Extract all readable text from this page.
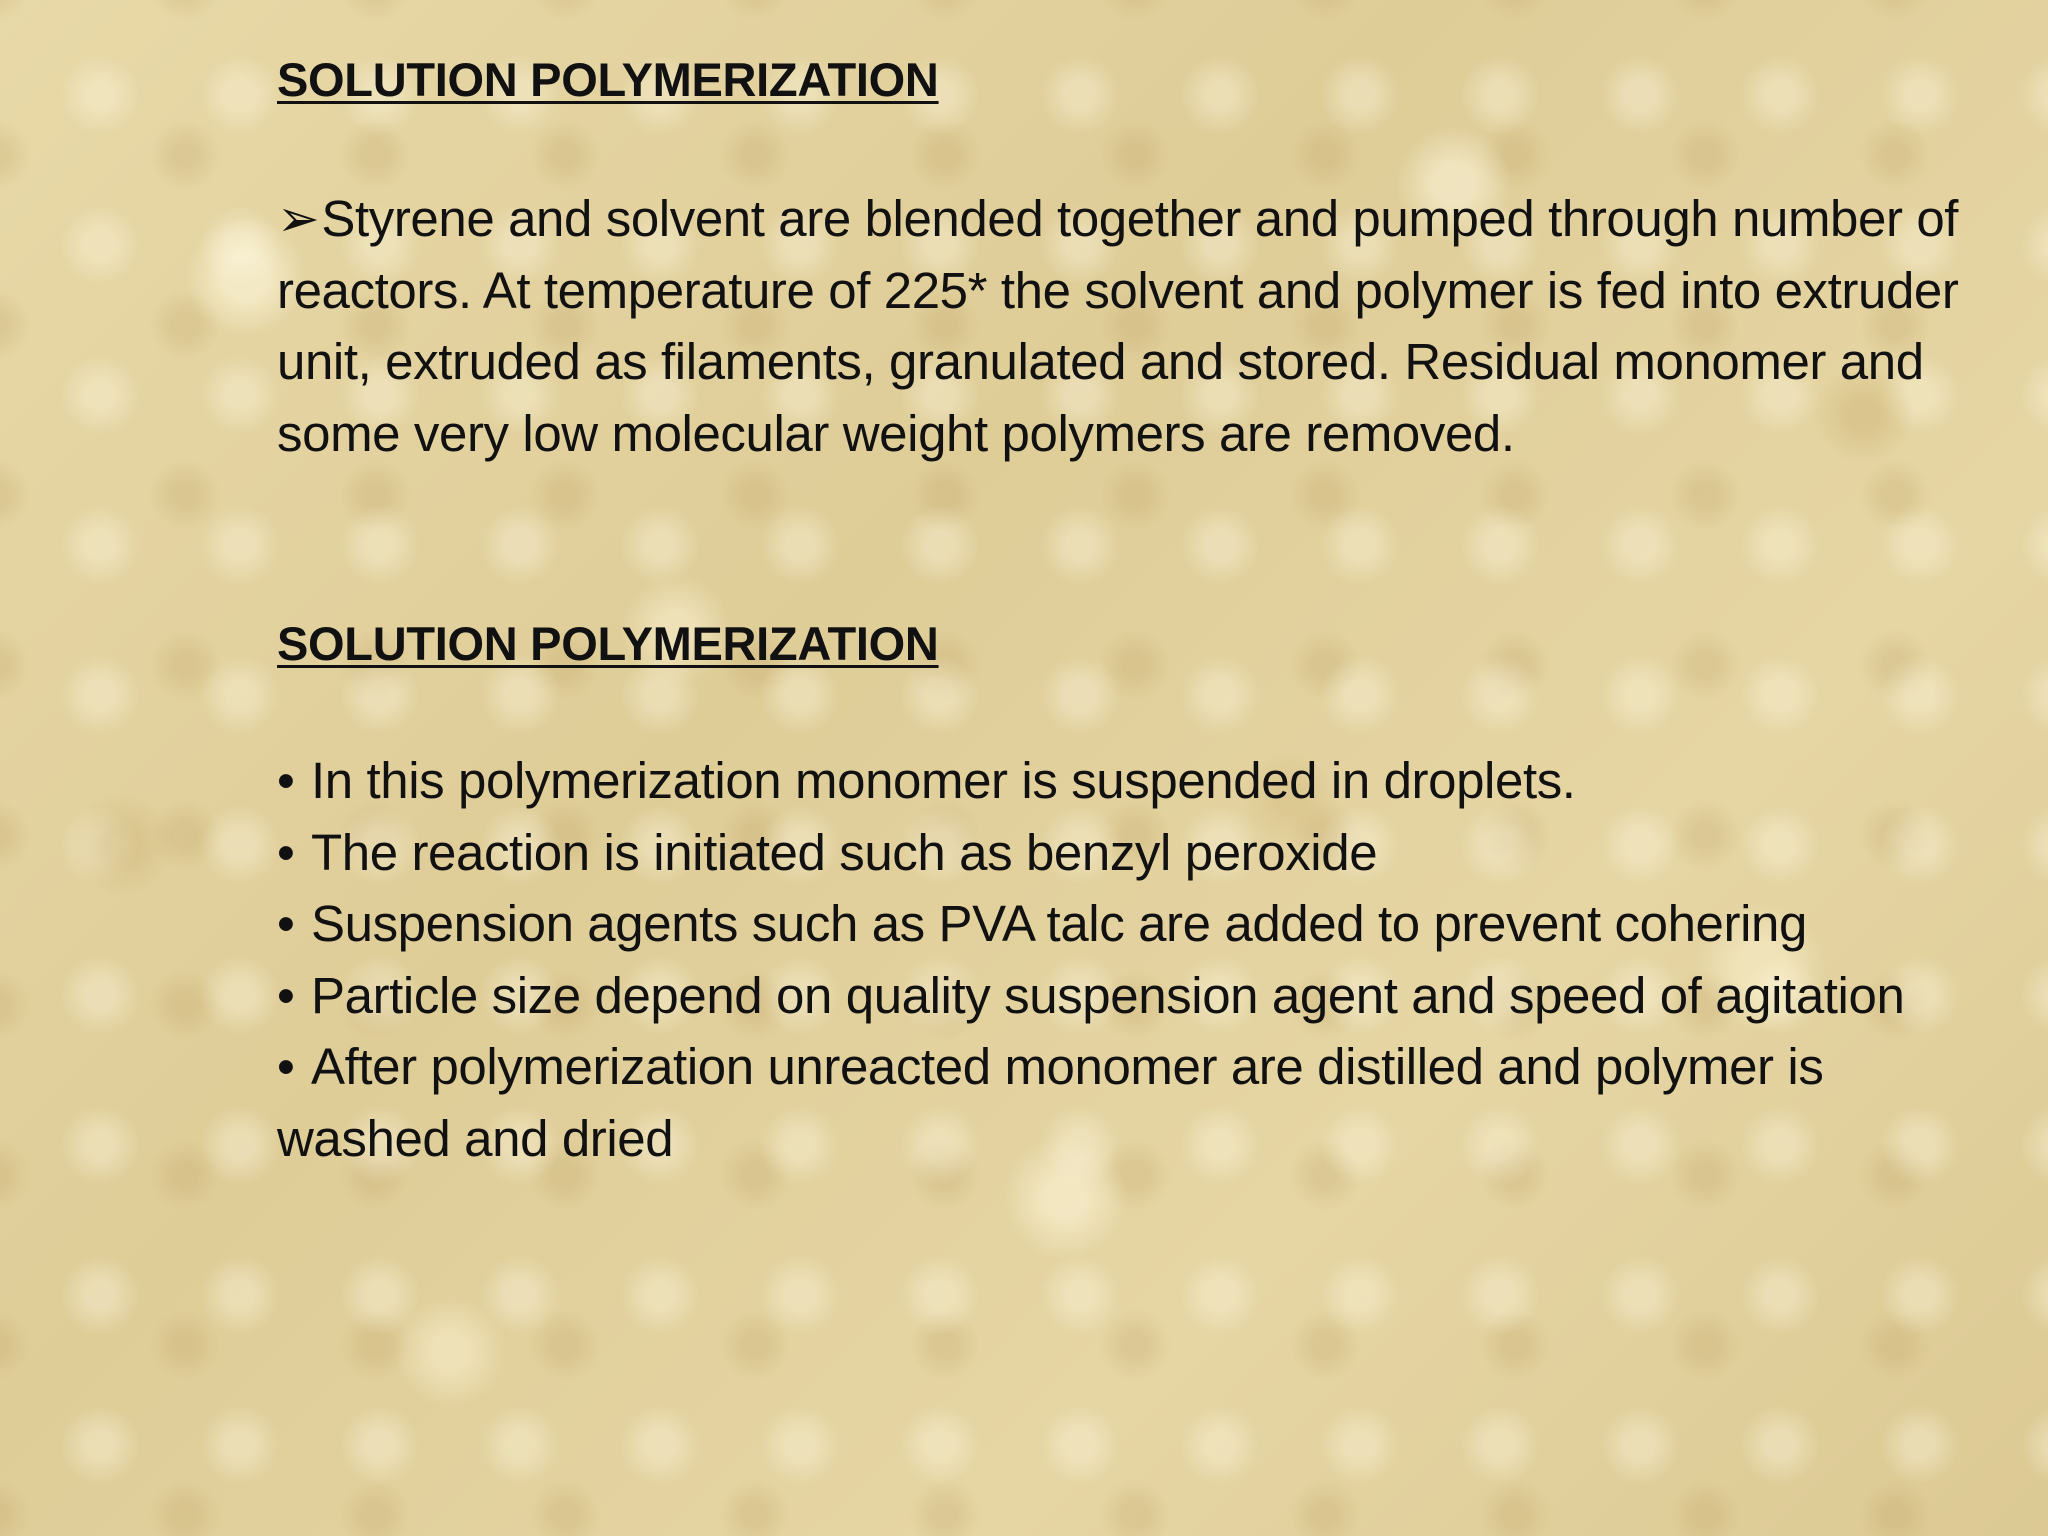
SOLUTION POLYMERIZATION
➢Styrene and solvent are blended together and pumped through number of reactors. At temperature of 225* the solvent and polymer is fed into extruder unit, extruded as filaments, granulated and stored. Residual monomer and some very low molecular weight polymers are removed.
SOLUTION POLYMERIZATION
• In this polymerization monomer is suspended in droplets.
• The reaction is initiated such as benzyl peroxide
• Suspension agents such as PVA talc are added to prevent cohering
• Particle size depend on quality suspension agent and speed of agitation
• After polymerization unreacted monomer are distilled and polymer is washed and dried
